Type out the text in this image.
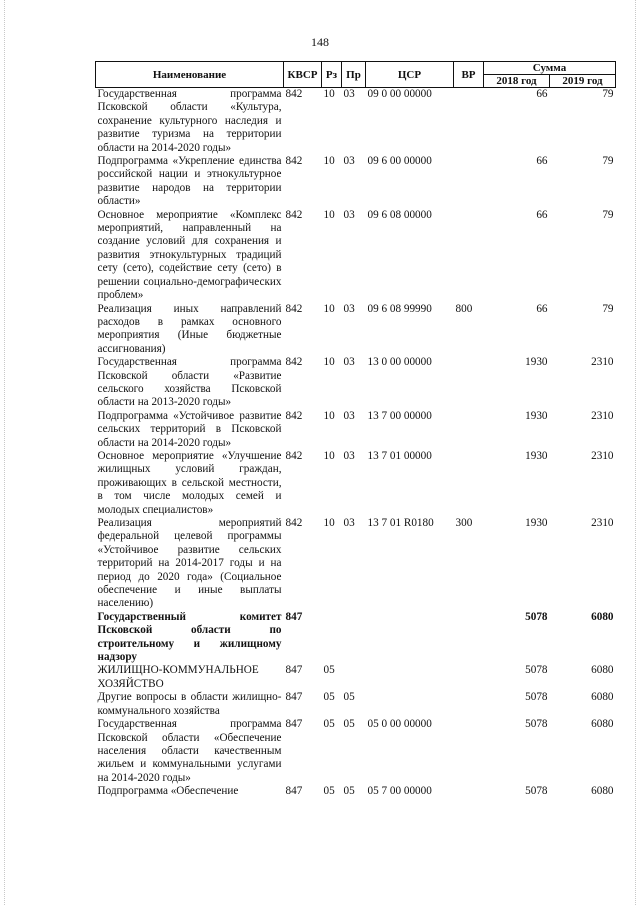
148
Наименование	КВСР	Рз	Пр	ЦСР	ВР	Сумма	
						2018 год	2019 год
Государственная программа Псковской области «Культура, сохранение культурного наследия и развитие туризма на территории области на 2014-2020 годы»	842	10	03	09 0 00 00000		66	79
Подпрограмма «Укрепление единства российской нации и этнокультурное развитие народов на территории области»	842	10	03	09 6 00 00000		66	79
Основное мероприятие «Комплекс мероприятий, направленный на создание условий для сохранения и развития этнокультурных традиций сету (сето), содействие сету (сето) в решении социально-демографических проблем»	842	10	03	09 6 08 00000		66	79
Реализация иных направлений расходов в рамках основного мероприятия (Иные бюджетные ассигнования)	842	10	03	09 6 08 99990	800	66	79
Государственная программа Псковской области «Развитие сельского хозяйства Псковской области на 2013-2020 годы»	842	10	03	13 0 00 00000		1930	2310
Подпрограмма «Устойчивое развитие сельских территорий в Псковской области на 2014-2020 годы»	842	10	03	13 7 00 00000		1930	2310
Основное мероприятие «Улучшение жилищных условий граждан, проживающих в сельской местности, в том числе молодых семей и молодых специалистов»	842	10	03	13 7 01 00000		1930	2310
Реализация мероприятий федеральной целевой программы «Устойчивое развитие сельских территорий на 2014-2017 годы и на период до 2020 года» (Социальное обеспечение и иные выплаты населению)	842	10	03	13 7 01 R0180	300	1930	2310
Государственный комитет Псковской области по строительному и жилищному надзору	847					5078	6080
ЖИЛИЩНО-КОММУНАЛЬНОЕ ХОЗЯЙСТВО	847	05				5078	6080
Другие вопросы в области жилищно-коммунального хозяйства	847	05	05			5078	6080
Государственная программа Псковской области «Обеспечение населения области качественным жильем и коммунальными услугами на 2014-2020 годы»	847	05	05	05 0 00 00000		5078	6080
Подпрограмма «Обеспечение	847	05	05	05 7 00 00000		5078	6080
